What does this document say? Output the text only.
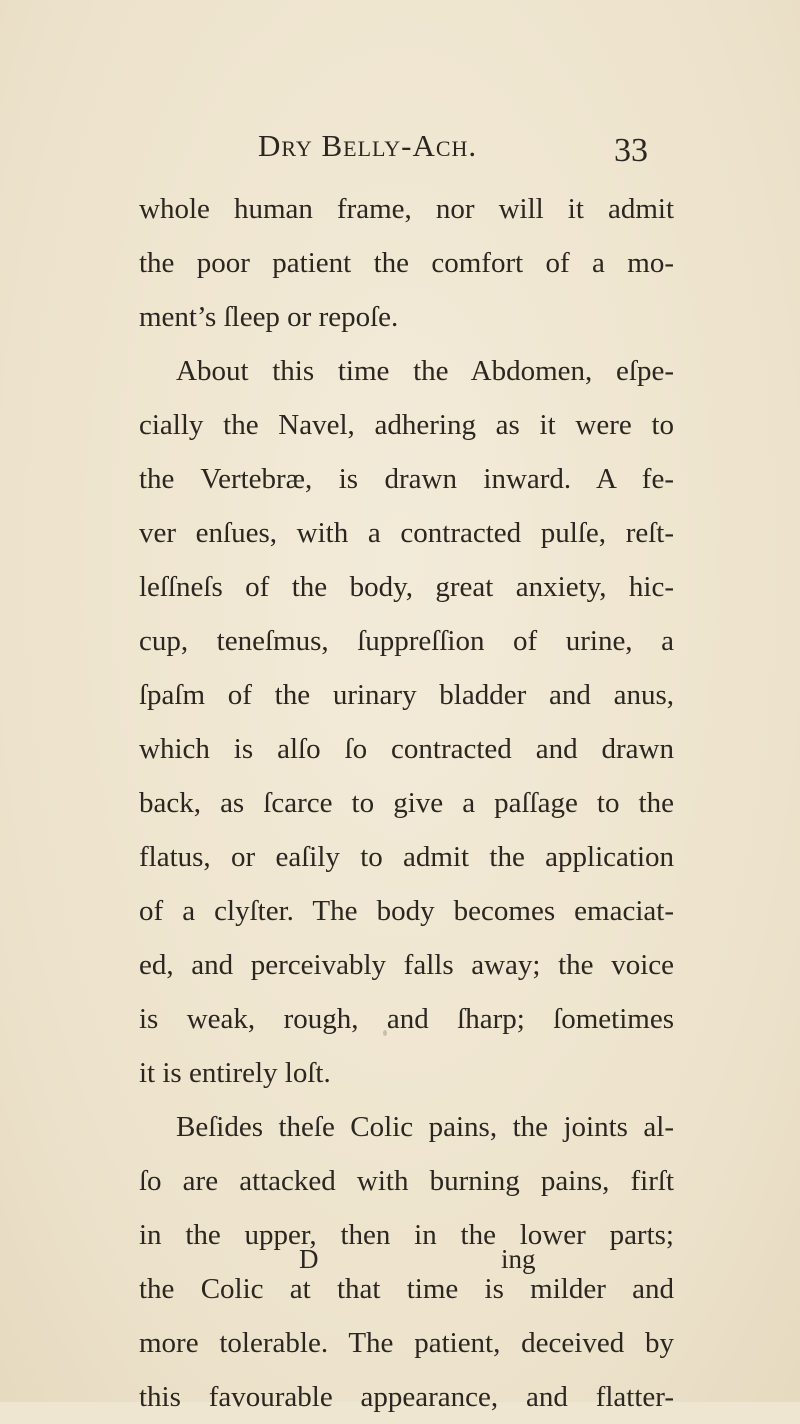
Dry Belly-Ach.	33
whole human frame, nor will it admit
the poor patient the comfort of a mo-
ment’s ſleep or repoſe.
About this time the Abdomen, eſpe-
cially the Navel, adhering as it were to
the Vertebræ, is drawn inward. A fe-
ver enſues, with a contracted pulſe, reſt-
leſſneſs of the body, great anxiety, hic-
cup, teneſmus, ſuppreſſion of urine, a
ſpaſm of the urinary bladder and anus,
which is alſo ſo contracted and drawn
back, as ſcarce to give a paſſage to the
flatus, or eaſily to admit the application
of a clyſter. The body becomes emaciat-
ed, and perceivably falls away; the voice
is weak, rough, and ſharp; ſometimes
it is entirely loſt.
Beſides theſe Colic pains, the joints al-
ſo are attacked with burning pains, firſt
in the upper, then in the lower parts;
the Colic at that time is milder and
more tolerable. The patient, deceived by
this favourable appearance, and flatter-
D	ing
